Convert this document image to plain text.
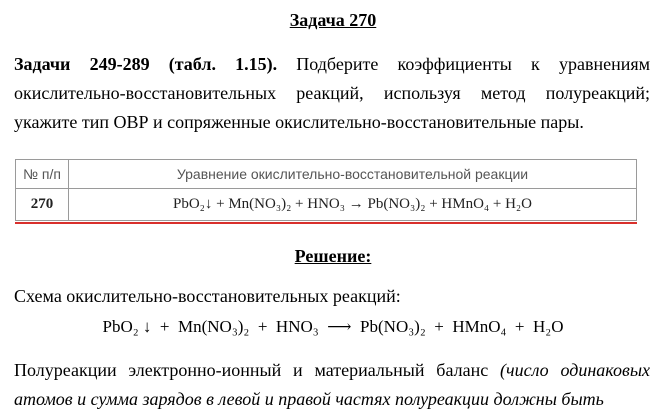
Задача 270
Задачи 249-289 (табл. 1.15). Подберите коэффициенты к уравнениям окислительно-восстановительных реакций, используя метод полуреакций; укажите тип ОВР и сопряженные окислительно-восстановительные пары.
№ п/п	Уравнение окислительно-восстановительной реакции
270	PbO₂↓ + Mn(NO₃)₂ + HNO₃ → Pb(NO₃)₂ + HMnO₄ + H₂O
Решение:
Схема окислительно-восстановительных реакций:
PbO₂ ↓  +  Mn(NO₃)₂  +  HNO₃  ⟶  Pb(NO₃)₂  +  HMnO₄  +  H₂O
Полуреакции электронно-ионный и материальный баланс (число одинаковых атомов и сумма зарядов в левой и правой частях полуреакции должны быть
